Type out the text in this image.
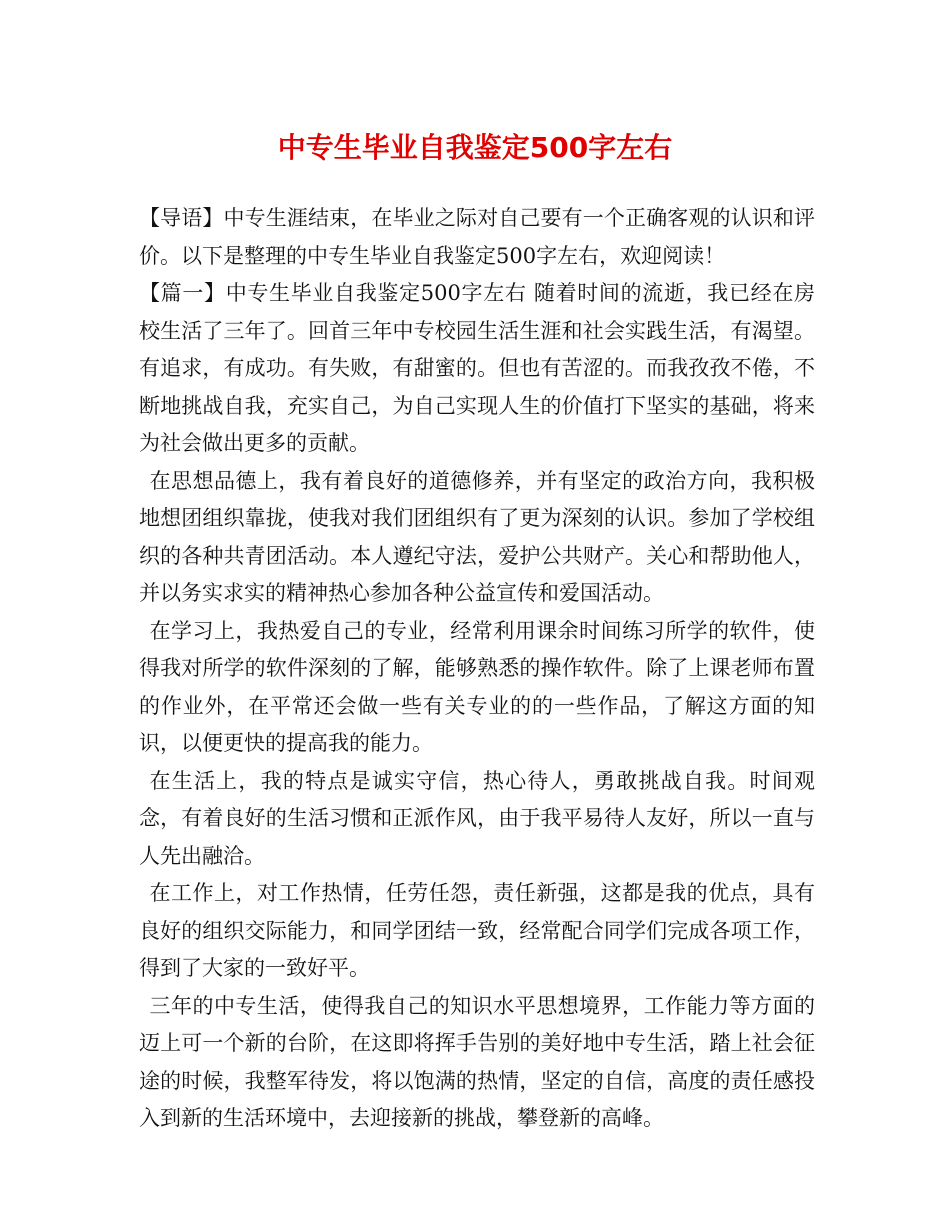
中专生毕业自我鉴定500字左右

【导语】中专生涯结束，在毕业之际对自己要有一个正确客观的认识和评价。以下是整理的中专生毕业自我鉴定500字左右，欢迎阅读！

【篇一】中专生毕业自我鉴定500字左右 随着时间的流逝，我已经在房校生活了三年了。回首三年中专校园生活生涯和社会实践生活，有渴望。有追求，有成功。有失败，有甜蜜的。但也有苦涩的。而我孜孜不倦，不断地挑战自我，充实自己，为自己实现人生的价值打下坚实的基础，将来为社会做出更多的贡献。

在思想品德上，我有着良好的道德修养，并有坚定的政治方向，我积极地想团组织靠拢，使我对我们团组织有了更为深刻的认识。参加了学校组织的各种共青团活动。本人遵纪守法，爱护公共财产。关心和帮助他人，并以务实求实的精神热心参加各种公益宣传和爱国活动。

在学习上，我热爱自己的专业，经常利用课余时间练习所学的软件，使得我对所学的软件深刻的了解，能够熟悉的操作软件。除了上课老师布置的作业外，在平常还会做一些有关专业的的一些作品，了解这方面的知识，以便更快的提高我的能力。

在生活上，我的特点是诚实守信，热心待人，勇敢挑战自我。时间观念，有着良好的生活习惯和正派作风，由于我平易待人友好，所以一直与人先出融洽。

在工作上，对工作热情，任劳任怨，责任新强，这都是我的优点，具有良好的组织交际能力，和同学团结一致，经常配合同学们完成各项工作，得到了大家的一致好平。

三年的中专生活，使得我自己的知识水平思想境界，工作能力等方面的迈上可一个新的台阶，在这即将挥手告别的美好地中专生活，踏上社会征途的时候，我整军待发，将以饱满的热情，坚定的自信，高度的责任感投入到新的生活环境中，去迎接新的挑战，攀登新的高峰。
